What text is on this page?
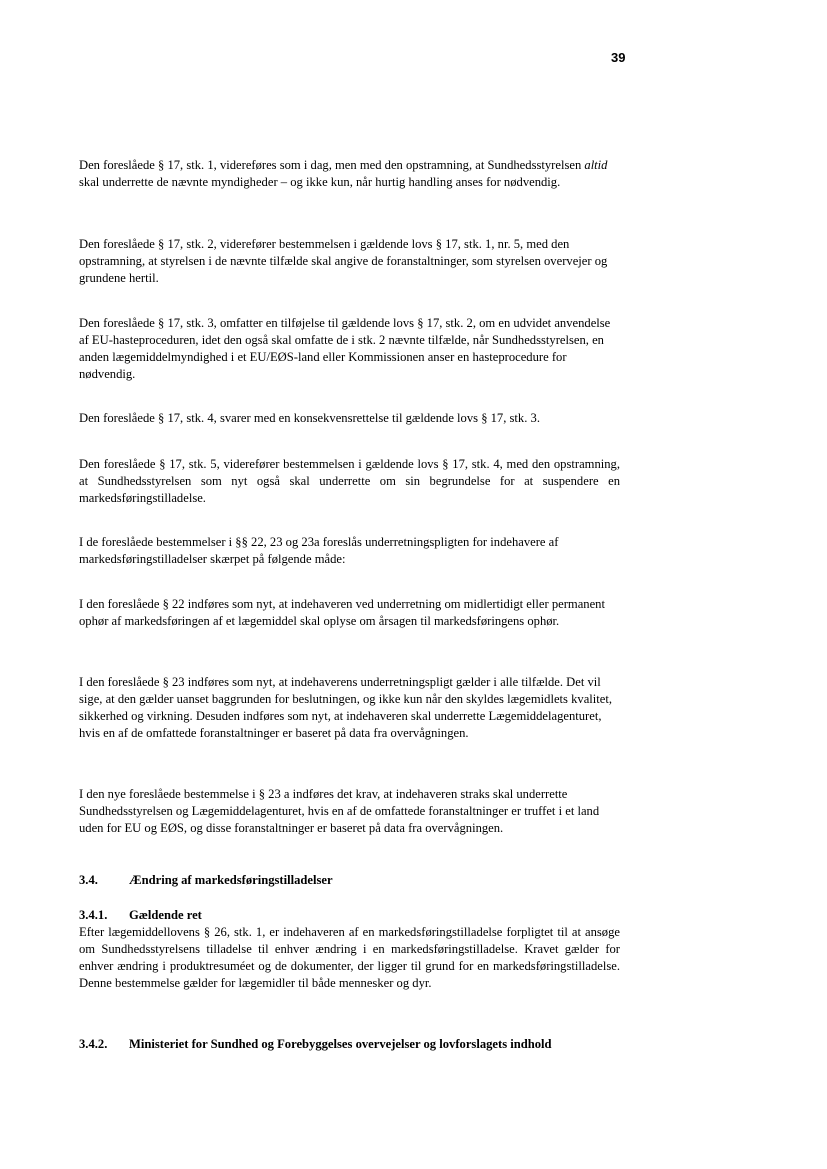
39

Den foreslåede § 17, stk. 1, videreføres som i dag, men med den opstramning, at Sundhedsstyrelsen altid skal underrette de nævnte myndigheder – og ikke kun, når hurtig handling anses for nødvendig.

Den foreslåede § 17, stk. 2, viderefører bestemmelsen i gældende lovs § 17, stk. 1, nr. 5, med den opstramning, at styrelsen i de nævnte tilfælde skal angive de foranstaltninger, som styrelsen overvejer og grundene hertil.

Den foreslåede § 17, stk. 3, omfatter en tilføjelse til gældende lovs § 17, stk. 2, om en udvidet anvendelse af EU-hasteproceduren, idet den også skal omfatte de i stk. 2 nævnte tilfælde, når Sundhedsstyrelsen, en anden lægemiddelmyndighed i et EU/EØS-land eller Kommissionen anser en hasteprocedure for nødvendig.

Den foreslåede § 17, stk. 4, svarer med en konsekvensrettelse til gældende lovs § 17, stk. 3.

Den foreslåede § 17, stk. 5, viderefører bestemmelsen i gældende lovs § 17, stk. 4, med den opstramning, at Sundhedsstyrelsen som nyt også skal underrette om sin begrundelse for at suspendere en markedsføringstilladelse.

I de foreslåede bestemmelser i §§ 22, 23 og 23a foreslås underretningspligten for indehavere af markedsføringstilladelser skærpet på følgende måde:

I den foreslåede § 22 indføres som nyt, at indehaveren ved underretning om midlertidigt eller permanent ophør af markedsføringen af et lægemiddel skal oplyse om årsagen til markedsføringens ophør.

I den foreslåede § 23 indføres som nyt, at indehaverens underretningspligt gælder i alle tilfælde. Det vil sige, at den gælder uanset baggrunden for beslutningen, og ikke kun når den skyldes lægemidlets kvalitet, sikkerhed og virkning. Desuden indføres som nyt, at indehaveren skal underrette Lægemiddelagenturet, hvis en af de omfattede foranstaltninger er baseret på data fra overvågningen.

I den nye foreslåede bestemmelse i § 23 a indføres det krav, at indehaveren straks skal underrette Sundhedsstyrelsen og Lægemiddelagenturet, hvis en af de omfattede foranstaltninger er truffet i et land uden for EU og EØS, og disse foranstaltninger er baseret på data fra overvågningen.

3.4. Ændring af markedsføringstilladelser
3.4.1. Gældende ret

Efter lægemiddellovens § 26, stk. 1, er indehaveren af en markedsføringstilladelse forpligtet til at ansøge om Sundhedsstyrelsens tilladelse til enhver ændring i en markedsføringstilladelse. Kravet gælder for enhver ændring i produktresuméet og de dokumenter, der ligger til grund for en markedsføringstilladelse. Denne bestemmelse gælder for lægemidler til både mennesker og dyr.

3.4.2. Ministeriet for Sundhed og Forebyggelses overvejelser og lovforslagets indhold
